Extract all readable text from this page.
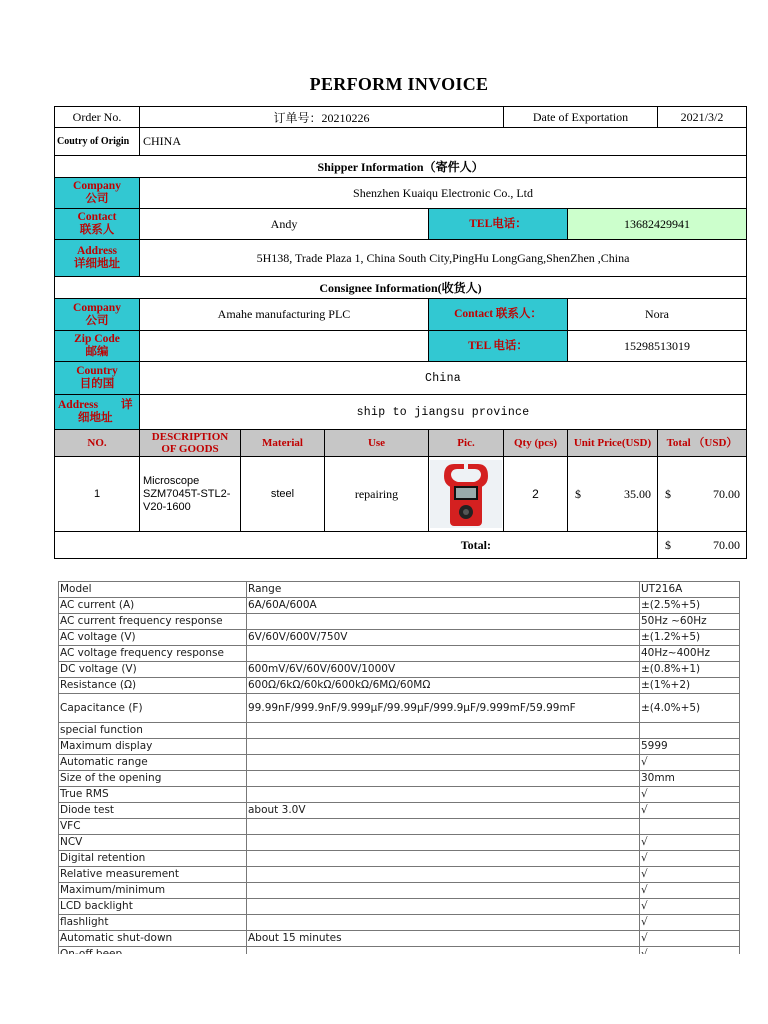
PERFORM INVOICE
Order No.	订单号：20210226				Date of Exportation		2021/3/2
Coutry of Origin	CHINA						
Shipper Information（寄件人）							
Company
公司	Shenzhen Kuaiqu Electronic Co., Ltd						
Contact
联系人	Andy			TEL电话：		13682429941	
Address
详细地址	5H138, Trade Plaza 1, China South City,PingHu LongGang,ShenZhen ,China						
Consignee Information(收货人)							
Company
公司	Amahe manufacturing PLC			Contact 联系人：		Nora	
Zip Code
邮编				TEL 电话：		15298513019	
Country
目的国	China						
Address　　详
细地址	ship to jiangsu province						
NO.	DESCRIPTION OF GOODS	Material	Use	Pic.	Qty (pcs)	Unit Price(USD)	Total （USD）
1	Microscope SZM7045T-STL2-V20-1600	steel	repairing		2	$ 35.00	$ 70.00

Total:							$ 70.00
Model	Range	UT216A
AC current (A)	6A/60A/600A	±(2.5%+5)
AC current frequency response		50Hz ~60Hz
AC voltage (V)	6V/60V/600V/750V	±(1.2%+5)
AC voltage frequency response		40Hz~400Hz
DC voltage (V)	600mV/6V/60V/600V/1000V	±(0.8%+1)
Resistance (Ω)	600Ω/6kΩ/60kΩ/600kΩ/6MΩ/60MΩ	±(1%+2)
Capacitance (F)	99.99nF/999.9nF/9.999μF/99.99μF/999.9μF/9.999mF/59.99mF	±(4.0%+5)
special function		
Maximum display		5999
Automatic range		√
Size of the opening		30mm
True RMS		√
Diode test	about 3.0V	√
VFC		
NCV		√
Digital retention		√
Relative measurement		√
Maximum/minimum		√
LCD backlight		√
flashlight		√
Automatic shut-down	About 15 minutes	√
